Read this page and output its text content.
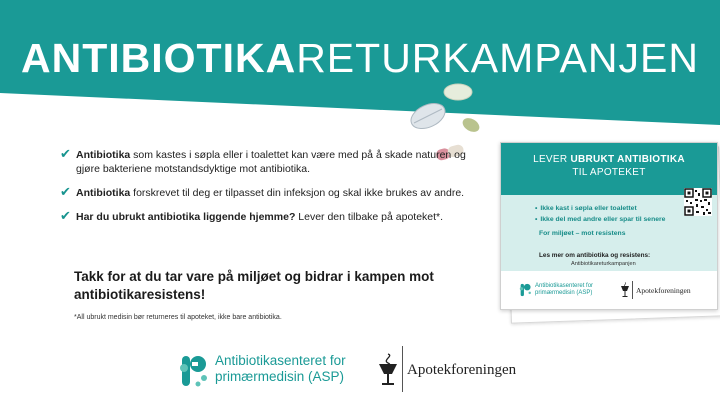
ANTIBIOTIKARETURKAMPANJEN
✔ Antibiotika som kastes i søpla eller i toalettet kan være med på å skade naturen og gjøre bakteriene motstandsdyktige mot antibiotika.
✔ Antibiotika forskrevet til deg er tilpasset din infeksjon og skal ikke brukes av andre.
✔ Har du ubrukt antibiotika liggende hjemme? Lever den tilbake på apoteket*.
Takk for at du tar vare på miljøet og bidrar i kampen mot antibiotikaresistens!
*All ubrukt medisin bør returneres til apoteket, ikke bare antibiotika.
LEVER UBRUKT ANTIBIOTIKA
TIL APOTEKET
• Ikke kast i søpla eller toalettet
• Ikke del med andre eller spar til senere
For miljøet – mot resistens
Les mer om antibiotika og resistens:
Antibiotikareturkampanjen
Antibiotikasenteret for
primærmedisin (ASP)	Apotekforeningen
Antibiotikasenteret for
primærmedisin (ASP)	Apotekforeningen
